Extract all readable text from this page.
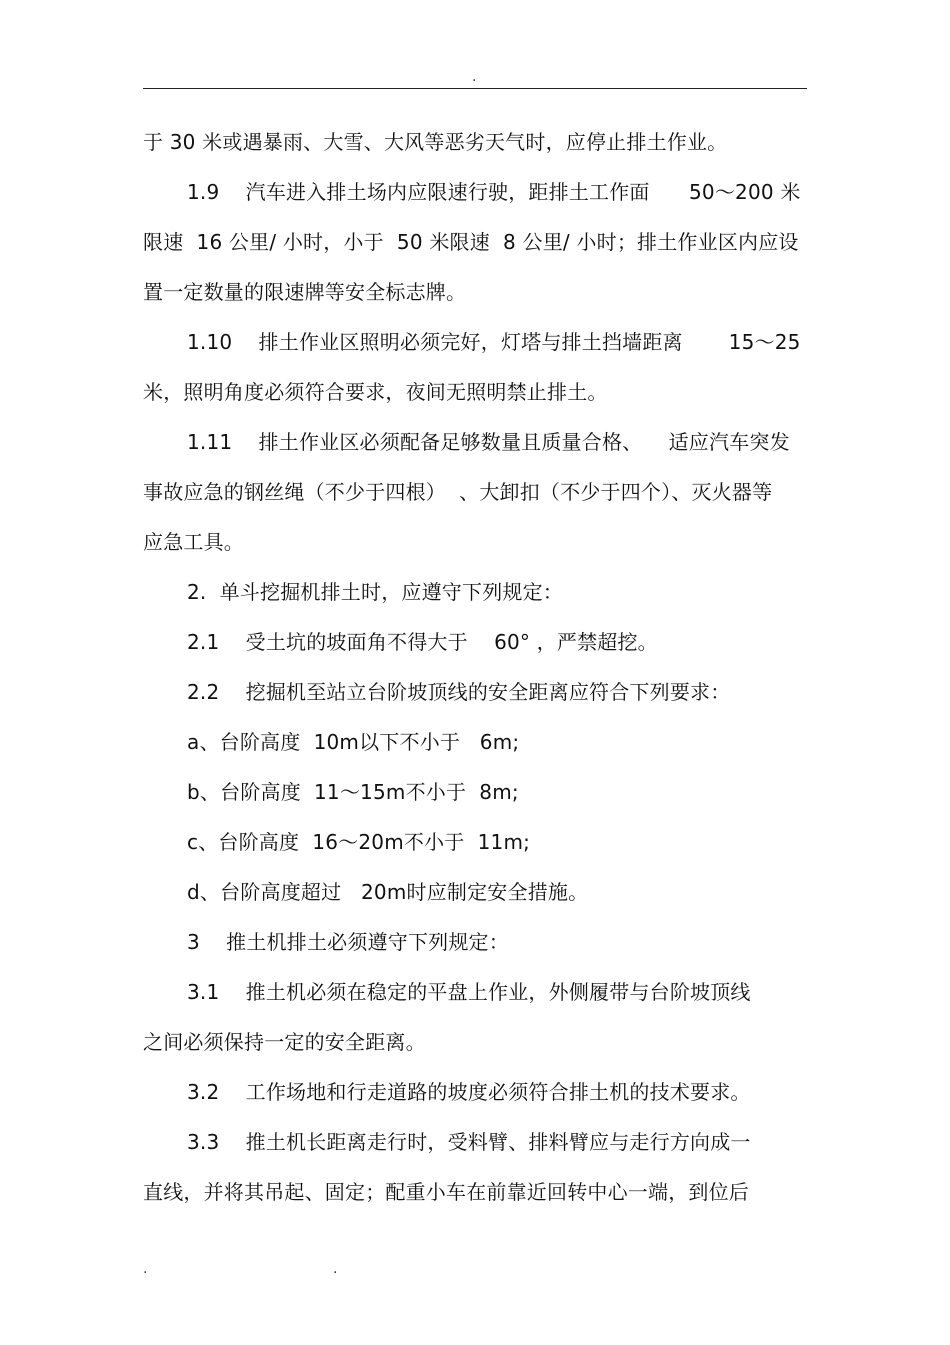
.
于 30 米或遇暴雨、大雪、大风等恶劣天气时，应停止排土作业。
1.9    汽车进入排土场内应限速行驶，距排土工作面      50～200 米
限速  16 公里/ 小时，小于  50 米限速  8 公里/ 小时；排土作业区内应设
置一定数量的限速牌等安全标志牌。
1.10    排土作业区照明必须完好，灯塔与排土挡墙距离       15～25
米，照明角度必须符合要求，夜间无照明禁止排土。
1.11    排土作业区必须配备足够数量且质量合格、    适应汽车突发
事故应急的钢丝绳（不少于四根）  、大卸扣（不少于四个）、灭火器等
应急工具。
2.  单斗挖掘机排土时，应遵守下列规定：
2.1    受土坑的坡面角不得大于    60° ，严禁超挖。
2.2    挖掘机至站立台阶坡顶线的安全距离应符合下列要求：
a、台阶高度  10m以下不小于   6m;
b、台阶高度  11～15m不小于  8m;
c、台阶高度  16～20m不小于  11m;
d、台阶高度超过   20m时应制定安全措施。
3    推土机排土必须遵守下列规定：
3.1    推土机必须在稳定的平盘上作业，外侧履带与台阶坡顶线
之间必须保持一定的安全距离。
3.2    工作场地和行走道路的坡度必须符合排土机的技术要求。
3.3    推土机长距离走行时，受料臂、排料臂应与走行方向成一
直线，并将其吊起、固定；配重小车在前靠近回转中心一端，到位后
.	.
